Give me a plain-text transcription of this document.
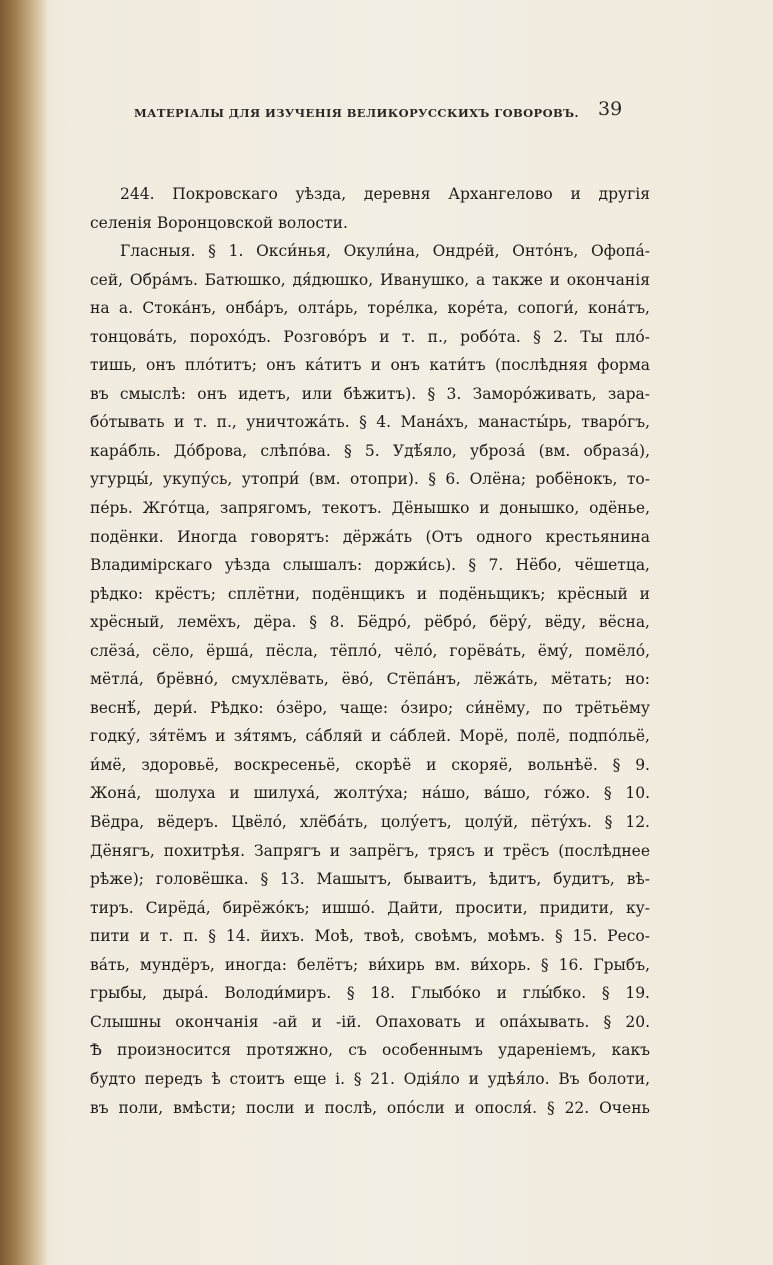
МАТЕРІАЛЫ ДЛЯ ИЗУЧЕНІЯ ВЕЛИКОРУССКИХЪ ГОВОРОВЪ. 39
244. Покровскаго уѣзда, деревня Архангелово и другія
селенія Воронцовской волости.
Гласныя. § 1. Окси́нья, Окули́на, Ондре́й, Онто́нъ, Офопа́-
сей, Обра́мъ. Батюшко, дя́дюшко, Иванушко, а также и окончанія
на а. Стока́нъ, онба́ръ, олта́рь, торе́лка, коре́та, сопоги́, кона́тъ,
тонцова́ть, порохо́дъ. Розгово́ръ и т. п., робо́та. § 2. Ты пло́-
тишь, онъ пло́титъ; онъ ка́титъ и онъ кати́тъ (послѣдняя форма
въ смыслѣ: онъ идетъ, или бѣжитъ). § 3. Заморо́живать, зара-
бо́тывать и т. п., уничтожа́ть. § 4. Мана́хъ, манасты́рь, тваро́гъ,
кара́бль. До́брова, слѣпо́ва. § 5. Удѣ́яло, уброза́ (вм. образа́),
угурцы́, укупу́сь, утопри́ (вм. отопри). § 6. Олёна; робёнокъ, то-
пе́рь. Жго́тца, запрягомъ, текотъ. Дёнышко и донышко, одёнье,
подёнки. Иногда говорятъ: дёржа́ть (Отъ одного крестьянина
Владимірскаго уѣзда слышалъ: доржи́сь). § 7. Нёбо, чёшетца,
рѣдко: крёстъ; сплётни, подёнщикъ и подёньщикъ; крёсный и
хрёсный, лемёхъ, дёра. § 8. Бёдро́, рёбро́, бёру́, вёду, вёсна,
слёза́, сёло, ёрша́, пёсла, тёпло́, чёло́, горёва́ть, ёму́, помёло́,
мётла́, брёвно́, смухлёвать, ёво́, Стёпа́нъ, лёжа́ть, мётать; но:
веснѣ́, дери́. Рѣдко: о́зёро, чаще: о́зиро; си́нёму, по трётьёму
годку́, зя́тёмъ и зя́тямъ, са́бляй и са́блей. Морё, полё, подпо́льё,
и́мё, здоровьё, воскресеньё, скорѣё и скоряё, вольнѣё. § 9.
Жона́, шолуха и шилуха́, жолту́ха; на́шо, ва́шо, го́жо. § 10.
Вёдра, вёдеръ. Цвёло́, хлёба́ть, цолу́етъ, цолу́й, пёту́хъ. § 12.
Дёнягъ, похитрѣя. Запрягъ и запрёгъ, трясъ и трёсъ (послѣднее
рѣже); головёшка. § 13. Машытъ, бываитъ, ѣдитъ, будитъ, вѣ-
тиръ. Сирёда́, бирёжо́къ; ишшо́. Дайти, просити, придити, ку-
пити и т. п. § 14. йихъ. Моѣ, твоѣ, своѣмъ, моѣмъ. § 15. Ресо-
ва́ть, мундёръ, иногда: белётъ; ви́хирь вм. ви́хорь. § 16. Грыбъ,
грыбы, дыра́. Володи́миръ. § 18. Глыбо́ко и глы́бко. § 19.
Слышны окончанія -ай и -ій. Опаховать и опа́хывать. § 20.
Ѣ произносится протяжно, съ особеннымъ удареніемъ, какъ
будто передъ ѣ стоитъ еще і. § 21. Одія́ло и удѣя́ло. Въ болоти,
въ поли, вмѣсти; посли и послѣ, опо́сли и опосля́. § 22. Очень
